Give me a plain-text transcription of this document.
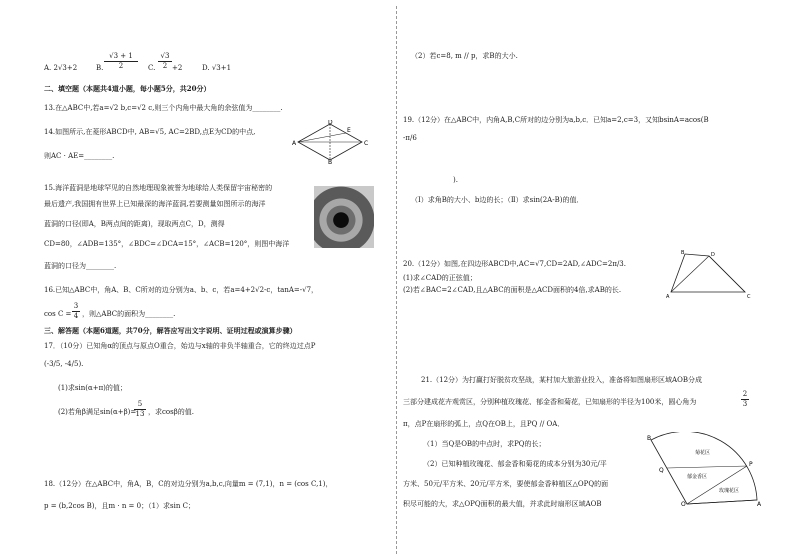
A. 2√3+2	B.
√3 + 1
2	C.
√3
2 +2	D. √3+1
二、填空题（本题共4道小题，每小题5分，共20分）
13.在△ABC中,若a=√2 b,c=√2 c,则三个内角中最大角的余弦值为________.
14.如图所示,在菱形ABCD中, AB=√5, AC=2BD,点E为CD的中点,
则AC · AE=________.
A
D
C
B
E
15.海洋蓝洞是地球罕见的自然地理现象被誉为地球给人类保留宇宙秘密的
最后遗产,我国拥有世界上已知最深的海洋蓝洞,若要测量如图所示的海洋
蓝洞的口径(即A，B两点间的距离)，现取两点C，D，测得
CD=80，∠ADB=135°，∠BDC=∠DCA=15°，∠ACB=120°，则图中海洋
蓝洞的口径为________.
16.已知△ABC中，角A、B、C所对的边分别为a、b、c，若a=4+2√2-c，tanA=-√7，
cos C =
3
4 ，则△ABC的面积为________.
三、解答题（本题6道题，共70分，解答应写出文字说明、证明过程或演算步骤）
17．（10分）已知角α的顶点与原点O重合，始边与x轴的非负半轴重合，它的终边过点P
(-3/5, -4/5).
(1)求sin(α+π)的值；
(2)若角β满足sin(α+β)=
5
13 ，求cosβ的值.
18.（12分）在△ABC中，角A，B，C的对边分别为a,b,c,向量m = (7,1)，n = (cos C,1)，
p = (b,2cos B)，且m · n = 0；（1）求sin C；
（2）若c=8, m // p，求B的大小.
19.（12分）在△ABC中，内角A,B,C所对的边分别为a,b,c．已知a=2,c=3，又知bsinA=acos(B
-π/6
).
（Ⅰ）求角B的大小、b边的长；（Ⅱ）求sin(2A-B)的值．
20.（12分）如图,在四边形ABCD中,AC=√7,CD=2AD,∠ADC=2π/3.
(1)求∠CAD的正弦值；
(2)若∠BAC=2∠CAD,且△ABC的面积是△ACD面积的4倍,求AB的长.
A
B	D
C
21.（12分）为打赢打好脱贫攻坚战，某村加大旅游业投入，准备将如图扇形区域AOB分成
三部分建成花卉观赏区，分别种植玫瑰花、郁金香和菊花，已知扇形的半径为100米，圆心角为
2
3
π，点P在扇形的弧上，点Q在OB上，且PQ // OA．
（1）当Q是OB的中点时，求PQ的长；
（2）已知种植玫瑰花、郁金香和菊花的成本分别为30元/平
方米、50元/平方米、20元/平方米，要使郁金香种植区△OPQ的面
积尽可能的大，求△OPQ面积的最大值，并求此时扇形区域AOB
B
Q
P
O	A
菊花区
郁金香区
玫瑰花区
